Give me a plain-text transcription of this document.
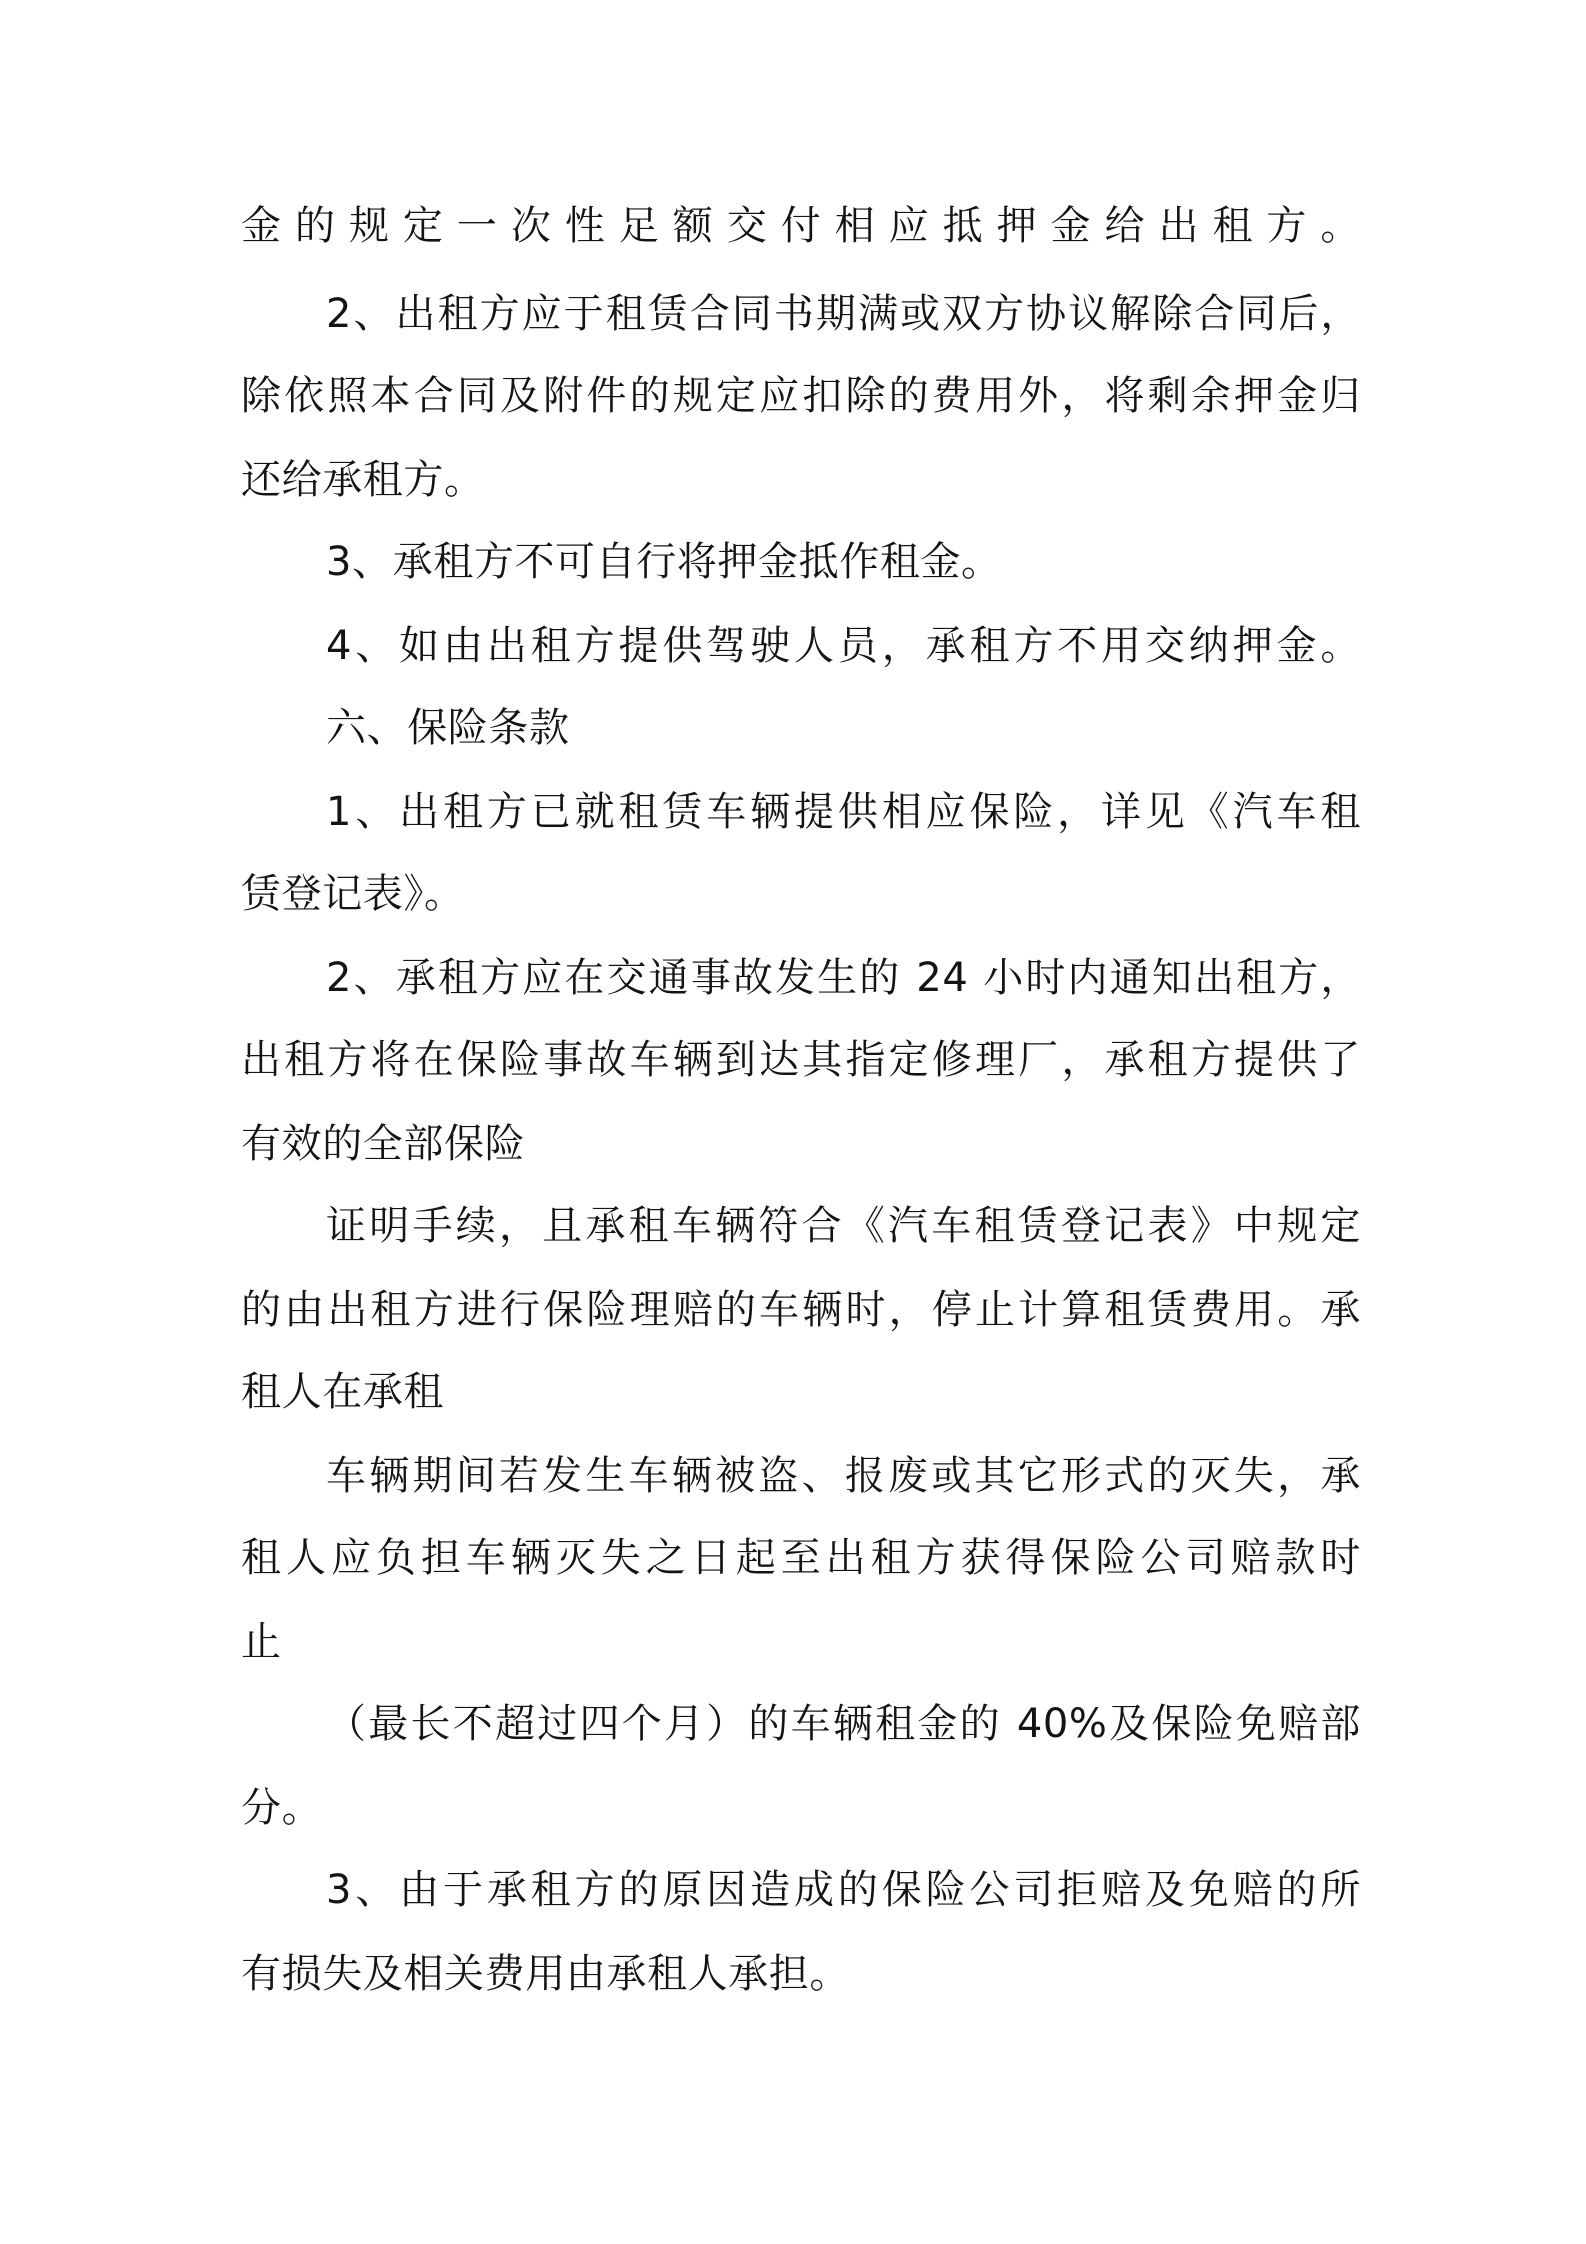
金的规定一次性足额交付相应抵押金给出租方。
2、出租方应于租赁合同书期满或双方协议解除合同后，
除依照本合同及附件的规定应扣除的费用外，将剩余押金归
还给承租方。
3、承租方不可自行将押金抵作租金。
4、如由出租方提供驾驶人员，承租方不用交纳押金。
六、保险条款
1、出租方已就租赁车辆提供相应保险，详见《汽车租
赁登记表》。
2、承租方应在交通事故发生的 24 小时内通知出租方，
出租方将在保险事故车辆到达其指定修理厂，承租方提供了
有效的全部保险
证明手续，且承租车辆符合《汽车租赁登记表》中规定
的由出租方进行保险理赔的车辆时，停止计算租赁费用。承
租人在承租
车辆期间若发生车辆被盗、报废或其它形式的灭失，承
租人应负担车辆灭失之日起至出租方获得保险公司赔款时
止
（最长不超过四个月）的车辆租金的 40%及保险免赔部
分。
3、由于承租方的原因造成的保险公司拒赔及免赔的所
有损失及相关费用由承租人承担。
